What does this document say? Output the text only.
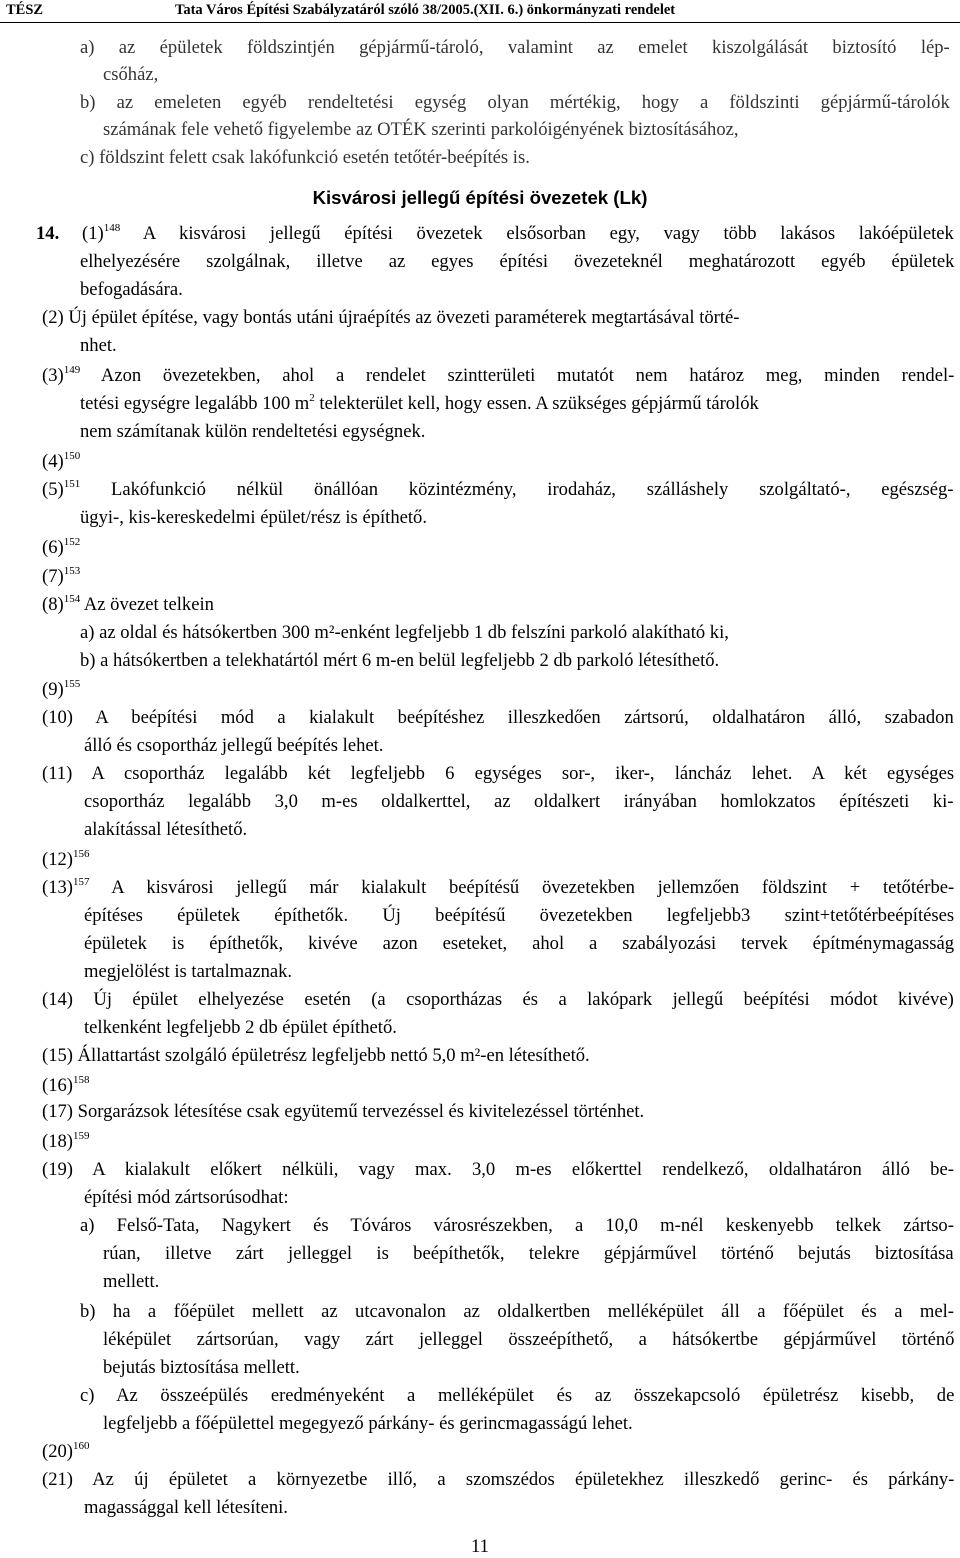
TÉSZ	Tata Város Építési Szabályzatáról szóló 38/2005.(XII. 6.) önkormányzati rendelet
a) az épületek földszintjén gépjármű-tároló, valamint az emelet kiszolgálását biztosító lép-
csőház,
b) az emeleten egyéb rendeltetési egység olyan mértékig, hogy a földszinti gépjármű-tárolók
számának fele vehető figyelembe az OTÉK szerinti parkolóigényének biztosításához,
c) földszint felett csak lakófunkció esetén tetőtér-beépítés is.
Kisvárosi jellegű építési övezetek (Lk)
14. $(1)^{148}$ A kisvárosi jellegű építési övezetek elsősorban egy, vagy több lakásos lakóépületek
elhelyezésére szolgálnak, illetve az egyes építési övezeteknél meghatározott egyéb épületek
befogadására.
(2) Új épület építése, vagy bontás utáni újraépítés az övezeti paraméterek megtartásával törté-
nhet.
$(3)^{149}$ Azon övezetekben, ahol a rendelet szintterületi mutatót nem határoz meg, minden rendel-
tetési egységre legalább 100 $m^2$ telekterület kell, hogy essen. A szükséges gépjármű tárolók
nem számítanak külön rendeltetési egységnek.
$(4)^{150}$
$(5)^{151}$ Lakófunkció nélkül önállóan közintézmény, irodaház, szálláshely szolgáltató-, egészség-
ügyi-, kis-kereskedelmi épület/rész is építhető.
$(6)^{152}$
$(7)^{153}$
$(8)^{154}$ Az övezet telkein
a) az oldal és hátsókertben 300 m²-enként legfeljebb 1 db felszíni parkoló alakítható ki,
b) a hátsókertben a telekhatártól mért 6 m-en belül legfeljebb 2 db parkoló létesíthető.
$(9)^{155}$
(10) A beépítési mód a kialakult beépítéshez illeszkedően zártsorú, oldalhatáron álló, szabadon
álló és csoportház jellegű beépítés lehet.
(11) A csoportház legalább két legfeljebb 6 egységes sor-, iker-, láncház lehet. A két egységes
csoportház legalább 3,0 m-es oldalkerttel, az oldalkert irányában homlokzatos építészeti ki-
alakítással létesíthető.
$(12)^{156}$
$(13)^{157}$ A kisvárosi jellegű már kialakult beépítésű övezetekben jellemzően földszint + tetőtérbe-
építéses épületek építhetők. Új beépítésű övezetekben legfeljebb3 szint+tetőtérbeépítéses
épületek is építhetők, kivéve azon eseteket, ahol a szabályozási tervek építménymagasság
megjelölést is tartalmaznak.
(14) Új épület elhelyezése esetén (a csoportházas és a lakópark jellegű beépítési módot kivéve)
telkenként legfeljebb 2 db épület építhető.
(15) Állattartást szolgáló épületrész legfeljebb nettó 5,0 m²-en létesíthető.
$(16)^{158}$
(17) Sorgarázsok létesítése csak együtemű tervezéssel és kivitelezéssel történhet.
$(18)^{159}$
(19) A kialakult előkert nélküli, vagy max. 3,0 m-es előkerttel rendelkező, oldalhatáron álló be-
építési mód zártsorúsodhat:
a) Felső-Tata, Nagykert és Tóváros városrészekben, a 10,0 m-nél keskenyebb telkek zártso-
rúan, illetve zárt jelleggel is beépíthetők, telekre gépjárművel történő bejutás biztosítása
mellett.
b) ha a főépület mellett az utcavonalon az oldalkertben melléképület áll a főépület és a mel-
léképület zártsorúan, vagy zárt jelleggel összeépíthető, a hátsókertbe gépjárművel történő
bejutás biztosítása mellett.
c) Az összeépülés eredményeként a melléképület és az összekapcsoló épületrész kisebb, de
legfeljebb a főépülettel megegyező párkány- és gerincmagasságú lehet.
$(20)^{160}$
(21) Az új épületet a környezetbe illő, a szomszédos épületekhez illeszkedő gerinc- és párkány-
magassággal kell létesíteni.
11
